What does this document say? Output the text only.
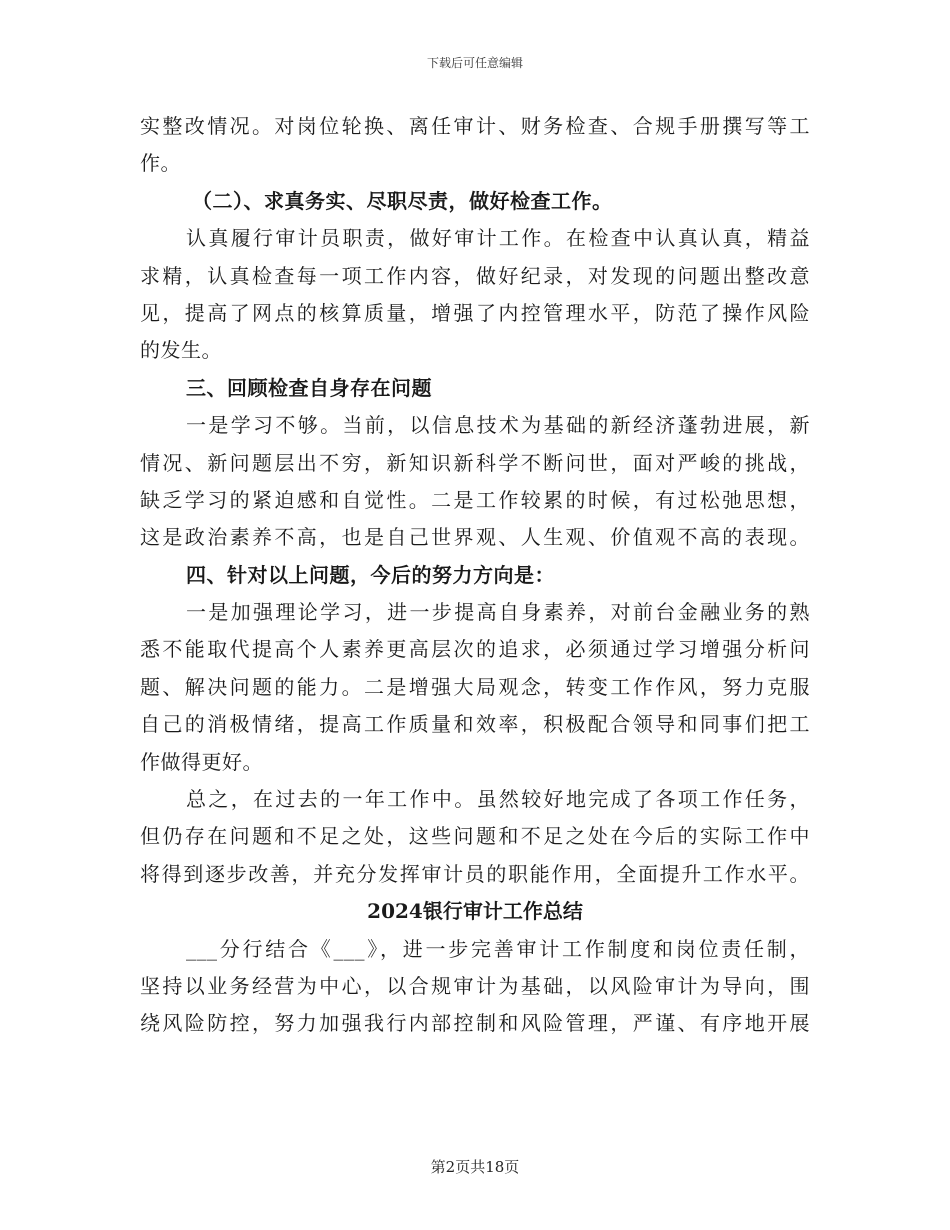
下载后可任意编辑
实整改情况。对岗位轮换、离任审计、财务检查、合规手册撰写等工
作。
（二）、求真务实、尽职尽责，做好检查工作。
认真履行审计员职责，做好审计工作。在检查中认真认真，精益
求精，认真检查每一项工作内容，做好纪录，对发现的问题出整改意
见，提高了网点的核算质量，增强了内控管理水平，防范了操作风险
的发生。
三、回顾检查自身存在问题
一是学习不够。当前，以信息技术为基础的新经济蓬勃进展，新
情况、新问题层出不穷，新知识新科学不断问世，面对严峻的挑战，
缺乏学习的紧迫感和自觉性。二是工作较累的时候，有过松弛思想，
这是政治素养不高，也是自己世界观、人生观、价值观不高的表现。
四、针对以上问题，今后的努力方向是：
一是加强理论学习，进一步提高自身素养，对前台金融业务的熟
悉不能取代提高个人素养更高层次的追求，必须通过学习增强分析问
题、解决问题的能力。二是增强大局观念，转变工作作风，努力克服
自己的消极情绪，提高工作质量和效率，积极配合领导和同事们把工
作做得更好。
总之，在过去的一年工作中。虽然较好地完成了各项工作任务，
但仍存在问题和不足之处，这些问题和不足之处在今后的实际工作中
将得到逐步改善，并充分发挥审计员的职能作用，全面提升工作水平。
2024银行审计工作总结
___分行结合《___》，进一步完善审计工作制度和岗位责任制，
坚持以业务经营为中心，以合规审计为基础，以风险审计为导向，围
绕风险防控，努力加强我行内部控制和风险管理，严谨、有序地开展
第2页共18页
